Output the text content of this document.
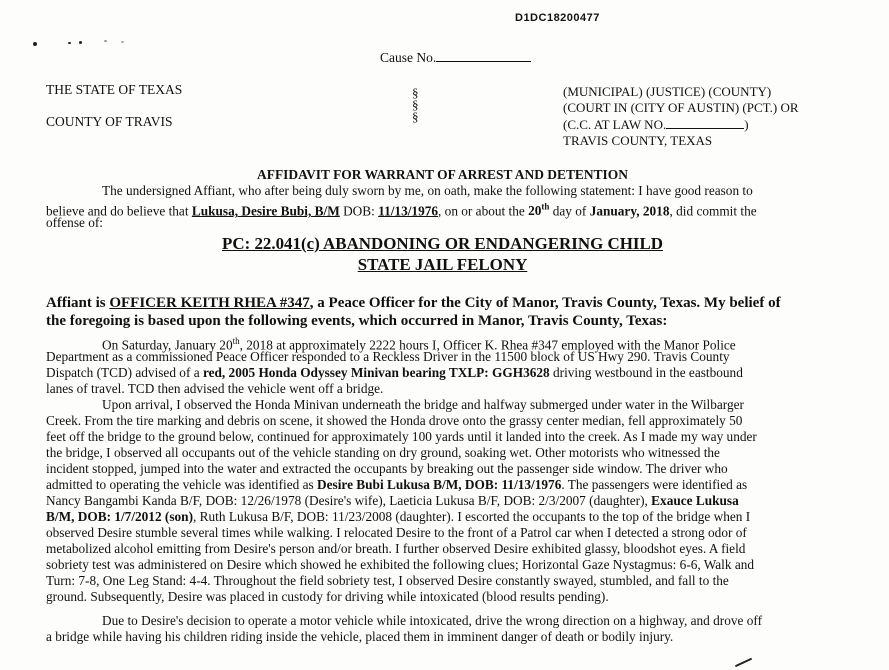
D1DC18200477
Cause No.
THE STATE OF TEXAS
COUNTY OF TRAVIS
§
§
§
(MUNICIPAL) (JUSTICE) (COUNTY)
(COURT IN (CITY OF AUSTIN) (PCT.) OR
(C.C. AT LAW NO.	)
TRAVIS COUNTY, TEXAS
AFFIDAVIT FOR WARRANT OF ARREST AND DETENTION
The undersigned Affiant, who after being duly sworn by me, on oath, make the following statement: I have good reason to
believe and do believe that Lukusa, Desire Bubi, B/M DOB: 11/13/1976, on or about the 20th day of January, 2018, did commit the
offense of:
PC: 22.041(c) ABANDONING OR ENDANGERING CHILD
STATE JAIL FELONY
Affiant is OFFICER KEITH RHEA #347, a Peace Officer for the City of Manor, Travis County, Texas. My belief of
the foregoing is based upon the following events, which occurred in Manor, Travis County, Texas:
On Saturday, January 20th, 2018 at approximately 2222 hours I, Officer K. Rhea #347 employed with the Manor Police
Department as a commissioned Peace Officer responded to a Reckless Driver in the 11500 block of US Hwy 290. Travis County
Dispatch (TCD) advised of a red, 2005 Honda Odyssey Minivan bearing TXLP: GGH3628 driving westbound in the eastbound
lanes of travel. TCD then advised the vehicle went off a bridge.
Upon arrival, I observed the Honda Minivan underneath the bridge and halfway submerged under water in the Wilbarger
Creek. From the tire marking and debris on scene, it showed the Honda drove onto the grassy center median, fell approximately 50
feet off the bridge to the ground below, continued for approximately 100 yards until it landed into the creek. As I made my way under
the bridge, I observed all occupants out of the vehicle standing on dry ground, soaking wet. Other motorists who witnessed the
incident stopped, jumped into the water and extracted the occupants by breaking out the passenger side window. The driver who
admitted to operating the vehicle was identified as Desire Bubi Lukusa B/M, DOB: 11/13/1976. The passengers were identified as
Nancy Bangambi Kanda B/F, DOB: 12/26/1978 (Desire's wife), Laeticia Lukusa B/F, DOB: 2/3/2007 (daughter), Exauce Lukusa
B/M, DOB: 1/7/2012 (son), Ruth Lukusa B/F, DOB: 11/23/2008 (daughter). I escorted the occupants to the top of the bridge when I
observed Desire stumble several times while walking. I relocated Desire to the front of a Patrol car when I detected a strong odor of
metabolized alcohol emitting from Desire's person and/or breath. I further observed Desire exhibited glassy, bloodshot eyes. A field
sobriety test was administered on Desire which showed he exhibited the following clues; Horizontal Gaze Nystagmus: 6-6, Walk and
Turn: 7-8, One Leg Stand: 4-4. Throughout the field sobriety test, I observed Desire constantly swayed, stumbled, and fall to the
ground. Subsequently, Desire was placed in custody for driving while intoxicated (blood results pending).
Due to Desire's decision to operate a motor vehicle while intoxicated, drive the wrong direction on a highway, and drove off
a bridge while having his children riding inside the vehicle, placed them in imminent danger of death or bodily injury.
